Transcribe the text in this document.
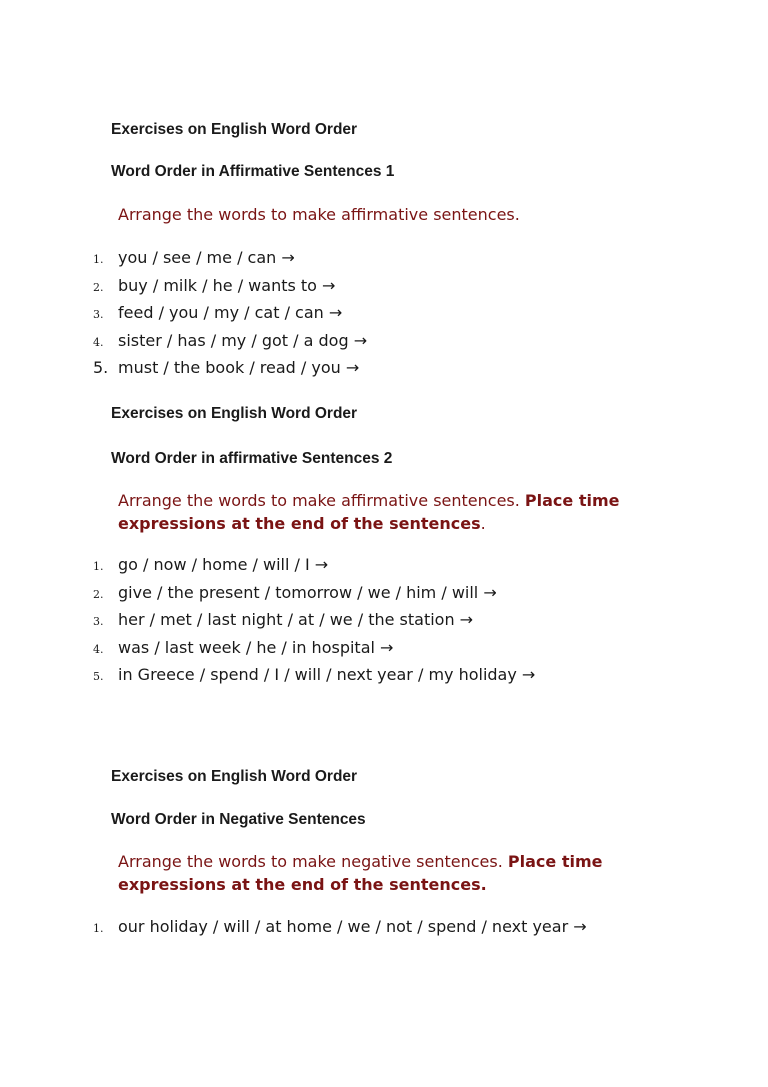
Exercises on English Word Order
Word Order in Affirmative Sentences 1
Arrange the words to make affirmative sentences.
1. you / see / me / can →
2. buy / milk / he / wants to →
3. feed / you / my / cat / can →
4. sister / has / my / got / a dog →
5. must / the book / read / you →
Exercises on English Word Order
Word Order in affirmative Sentences 2
Arrange the words to make affirmative sentences. Place time expressions at the end of the sentences.
1. go / now / home / will / I →
2. give / the present / tomorrow / we / him / will →
3. her / met / last night / at / we / the station →
4. was / last week / he / in hospital →
5. in Greece / spend / I / will / next year / my holiday →
Exercises on English Word Order
Word Order in Negative Sentences
Arrange the words to make negative sentences. Place time expressions at the end of the sentences.
1. our holiday / will / at home / we / not / spend / next year →
